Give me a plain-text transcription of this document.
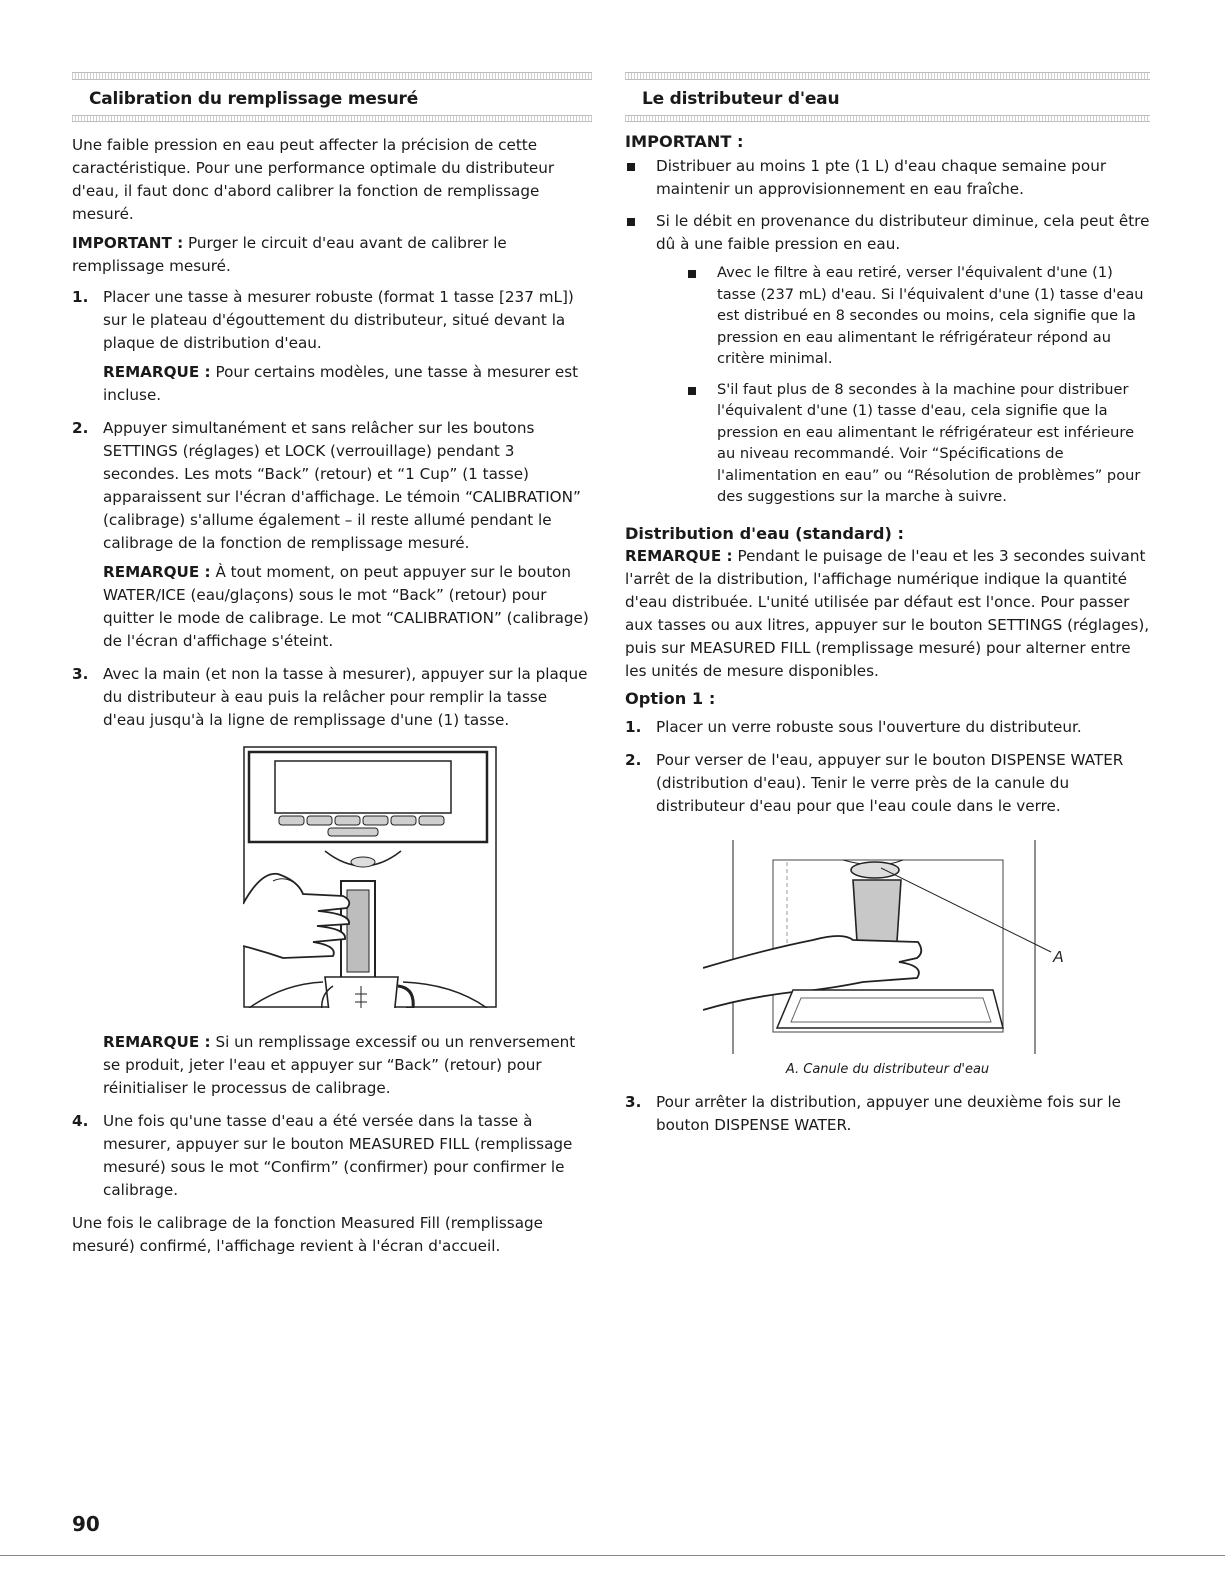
Calibration du remplissage mesuré

Une faible pression en eau peut affecter la précision de cette caractéristique. Pour une performance optimale du distributeur d'eau, il faut donc d'abord calibrer la fonction de remplissage mesuré.

IMPORTANT : Purger le circuit d'eau avant de calibrer le remplissage mesuré.

1. Placer une tasse à mesurer robuste (format 1 tasse [237 mL]) sur le plateau d'égouttement du distributeur, situé devant la plaque de distribution d'eau.
REMARQUE : Pour certains modèles, une tasse à mesurer est incluse.
2. Appuyer simultanément et sans relâcher sur les boutons SETTINGS (réglages) et LOCK (verrouillage) pendant 3 secondes. Les mots “Back” (retour) et “1 Cup” (1 tasse) apparaissent sur l'écran d'affichage. Le témoin “CALIBRATION” (calibrage) s'allume également – il reste allumé pendant le calibrage de la fonction de remplissage mesuré.
REMARQUE : À tout moment, on peut appuyer sur le bouton WATER/ICE (eau/glaçons) sous le mot “Back” (retour) pour quitter le mode de calibrage. Le mot “CALIBRATION” (calibrage) de l'écran d'affichage s'éteint.
3. Avec la main (et non la tasse à mesurer), appuyer sur la plaque du distributeur à eau puis la relâcher pour remplir la tasse d'eau jusqu'à la ligne de remplissage d'une (1) tasse.
REMARQUE : Si un remplissage excessif ou un renversement se produit, jeter l'eau et appuyer sur “Back” (retour) pour réinitialiser le processus de calibrage.
4. Une fois qu'une tasse d'eau a été versée dans la tasse à mesurer, appuyer sur le bouton MEASURED FILL (remplissage mesuré) sous le mot “Confirm” (confirmer) pour confirmer le calibrage.

Une fois le calibrage de la fonction Measured Fill (remplissage mesuré) confirmé, l'affichage revient à l'écran d'accueil.

Le distributeur d'eau
IMPORTANT :
Distribuer au moins 1 pte (1 L) d'eau chaque semaine pour maintenir un approvisionnement en eau fraîche.
Si le débit en provenance du distributeur diminue, cela peut être dû à une faible pression en eau.
Avec le filtre à eau retiré, verser l'équivalent d'une (1) tasse (237 mL) d'eau. Si l'équivalent d'une (1) tasse d'eau est distribué en 8 secondes ou moins, cela signifie que la pression en eau alimentant le réfrigérateur répond au critère minimal.
S'il faut plus de 8 secondes à la machine pour distribuer l'équivalent d'une (1) tasse d'eau, cela signifie que la pression en eau alimentant le réfrigérateur est inférieure au niveau recommandé. Voir “Spécifications de l'alimentation en eau” ou “Résolution de problèmes” pour des suggestions sur la marche à suivre.
Distribution d'eau (standard) :

REMARQUE : Pendant le puisage de l'eau et les 3 secondes suivant l'arrêt de la distribution, l'affichage numérique indique la quantité d'eau distribuée. L'unité utilisée par défaut est l'once. Pour passer aux tasses ou aux litres, appuyer sur le bouton SETTINGS (réglages), puis sur MEASURED FILL (remplissage mesuré) pour alterner entre les unités de mesure disponibles.

Option 1 :
1. Placer un verre robuste sous l'ouverture du distributeur.
2. Pour verser de l'eau, appuyer sur le bouton DISPENSE WATER (distribution d'eau). Tenir le verre près de la canule du distributeur d'eau pour que l'eau coule dans le verre.
A
A. Canule du distributeur d'eau
3. Pour arrêter la distribution, appuyer une deuxième fois sur le bouton DISPENSE WATER.
90
